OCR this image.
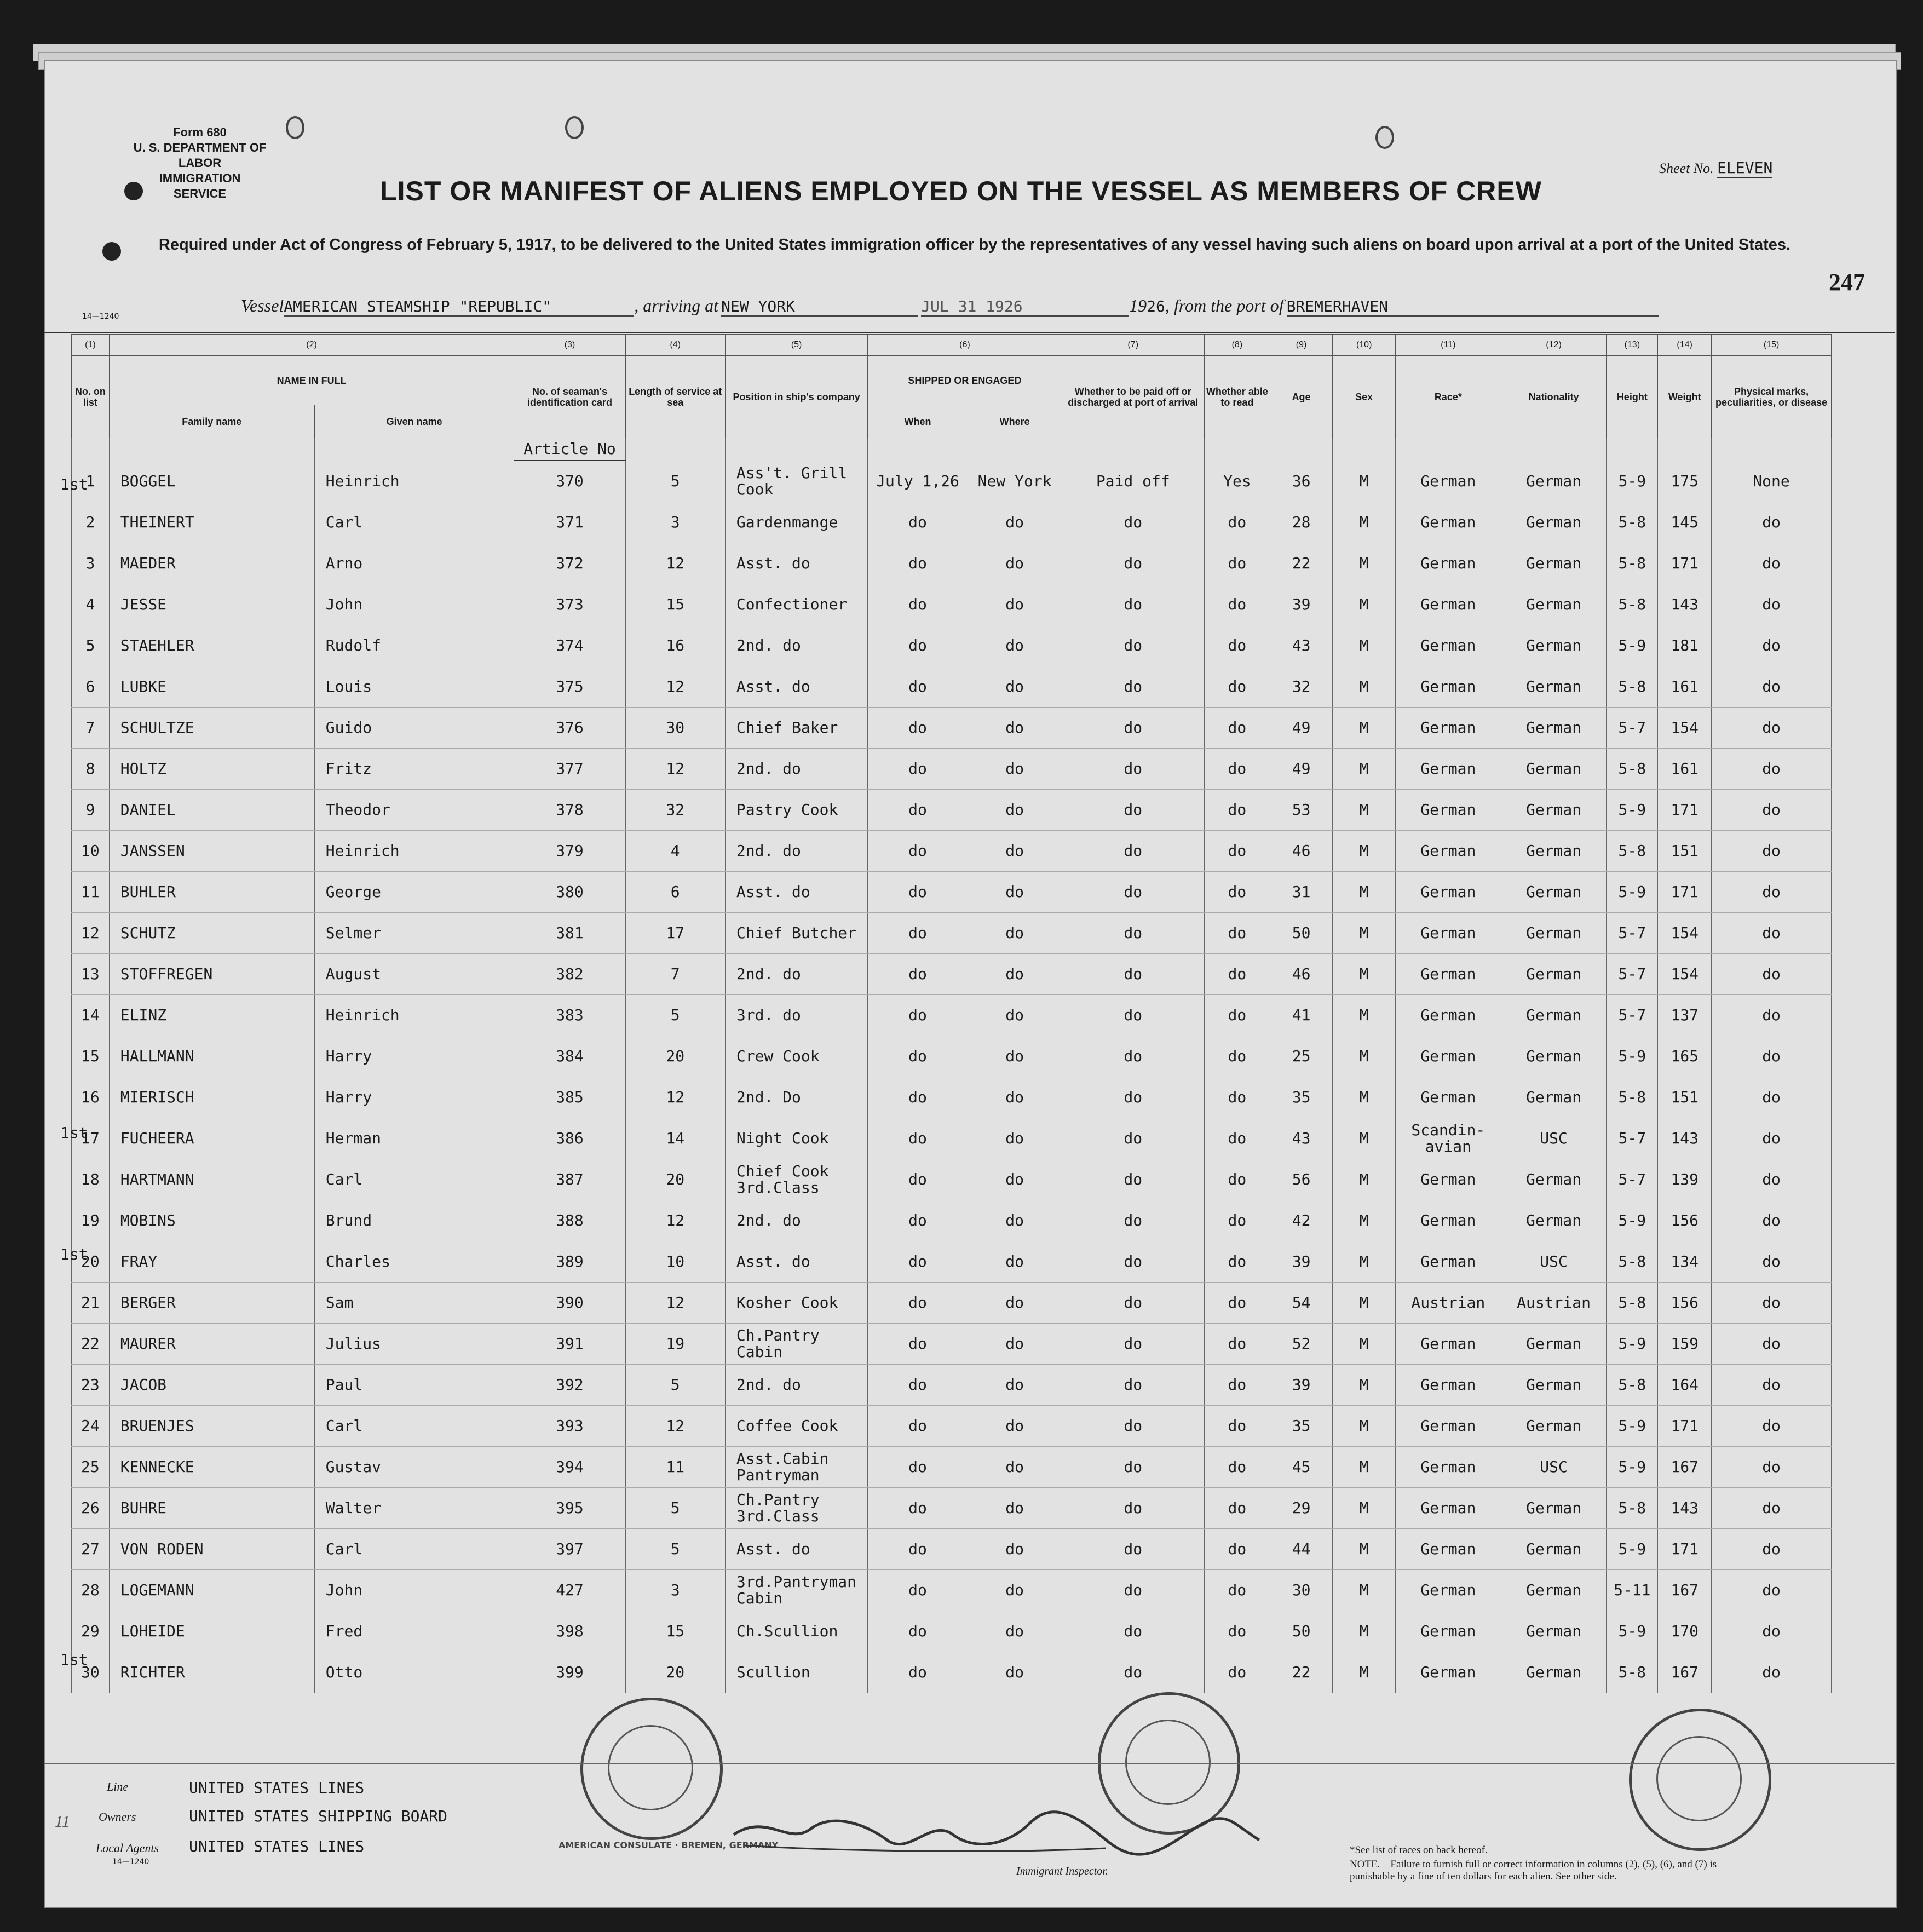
Form 680
U. S. DEPARTMENT OF LABOR
IMMIGRATION SERVICE
Sheet No. ELEVEN
LIST OR MANIFEST OF ALIENS EMPLOYED ON THE VESSEL AS MEMBERS OF CREW
Required under Act of Congress of February 5, 1917, to be delivered to the United States immigration officer by the representatives of any vessel having such aliens on board upon arrival at a port of the United States.
247
14—1240
VesselAMERICAN STEAMSHIP "REPUBLIC"	, arriving at NEW YORK	JUL 31 1926	1926, from the port of BREMERHAVEN
(1)	(2)		(3)	(4)	(5)	(6)		(7)	(8)	(9)	(10)	(11)	(12)	(13)	(14)	(15)
No. on list	NAME IN FULL		No. of seaman's identification card	Length of service at sea	Position in ship's company	SHIPPED OR ENGAGED		Whether to be paid off or discharged at port of arrival	Whether able to read	Age	Sex	Race*	Nationality	Height	Weight	Physical marks, peculiarities, or disease
	Family name	Given name				When	Where									
			Article No													
1	BOGGEL	Heinrich	370	5	Ass't. Grill Cook	July 1,26	New York	Paid off	Yes	36	M	German	German	5-9	175	None
2	THEINERT	Carl	371	3	Gardenmange	do	do	do	do	28	M	German	German	5-8	145	do
3	MAEDER	Arno	372	12	Asst. do	do	do	do	do	22	M	German	German	5-8	171	do
4	JESSE	John	373	15	Confectioner	do	do	do	do	39	M	German	German	5-8	143	do
5	STAEHLER	Rudolf	374	16	2nd. do	do	do	do	do	43	M	German	German	5-9	181	do
6	LUBKE	Louis	375	12	Asst. do	do	do	do	do	32	M	German	German	5-8	161	do
7	SCHULTZE	Guido	376	30	Chief Baker	do	do	do	do	49	M	German	German	5-7	154	do
8	HOLTZ	Fritz	377	12	2nd. do	do	do	do	do	49	M	German	German	5-8	161	do
9	DANIEL	Theodor	378	32	Pastry Cook	do	do	do	do	53	M	German	German	5-9	171	do
10	JANSSEN	Heinrich	379	4	2nd. do	do	do	do	do	46	M	German	German	5-8	151	do
11	BUHLER	George	380	6	Asst. do	do	do	do	do	31	M	German	German	5-9	171	do
12	SCHUTZ	Selmer	381	17	Chief Butcher	do	do	do	do	50	M	German	German	5-7	154	do
13	STOFFREGEN	August	382	7	2nd. do	do	do	do	do	46	M	German	German	5-7	154	do
14	ELINZ	Heinrich	383	5	3rd. do	do	do	do	do	41	M	German	German	5-7	137	do
15	HALLMANN	Harry	384	20	Crew Cook	do	do	do	do	25	M	German	German	5-9	165	do
16	MIERISCH	Harry	385	12	2nd. Do	do	do	do	do	35	M	German	German	5-8	151	do
17	FUCHEERA	Herman	386	14	Night Cook	do	do	do	do	43	M	Scandin-avian	USC	5-7	143	do
18	HARTMANN	Carl	387	20	Chief Cook 3rd.Class	do	do	do	do	56	M	German	German	5-7	139	do
19	MOBINS	Brund	388	12	2nd. do	do	do	do	do	42	M	German	German	5-9	156	do
20	FRAY	Charles	389	10	Asst. do	do	do	do	do	39	M	German	USC	5-8	134	do
21	BERGER	Sam	390	12	Kosher Cook	do	do	do	do	54	M	Austrian	Austrian	5-8	156	do
22	MAURER	Julius	391	19	Ch.Pantry Cabin	do	do	do	do	52	M	German	German	5-9	159	do
23	JACOB	Paul	392	5	2nd. do	do	do	do	do	39	M	German	German	5-8	164	do
24	BRUENJES	Carl	393	12	Coffee Cook	do	do	do	do	35	M	German	German	5-9	171	do
25	KENNECKE	Gustav	394	11	Asst.Cabin Pantryman	do	do	do	do	45	M	German	USC	5-9	167	do
26	BUHRE	Walter	395	5	Ch.Pantry 3rd.Class	do	do	do	do	29	M	German	German	5-8	143	do
27	VON RODEN	Carl	397	5	Asst. do	do	do	do	do	44	M	German	German	5-9	171	do
28	LOGEMANN	John	427	3	3rd.Pantryman Cabin	do	do	do	do	30	M	German	German	5-11	167	do
29	LOHEIDE	Fred	398	15	Ch.Scullion	do	do	do	do	50	M	German	German	5-9	170	do
30	RICHTER	Otto	399	20	Scullion	do	do	do	do	22	M	German	German	5-8	167	do
1st
1st
1st
1st
AMERICAN CONSULATE · BREMEN, GERMANY
Line	UNITED STATES LINES
Owners	UNITED STATES SHIPPING BOARD
Local Agents UNITED STATES LINES
14—1240
11
Immigrant Inspector.
*See list of races on back hereof.
NOTE.—Failure to furnish full or correct information in columns (2), (5), (6), and (7) is punishable by a fine of ten dollars for each alien. See other side.
